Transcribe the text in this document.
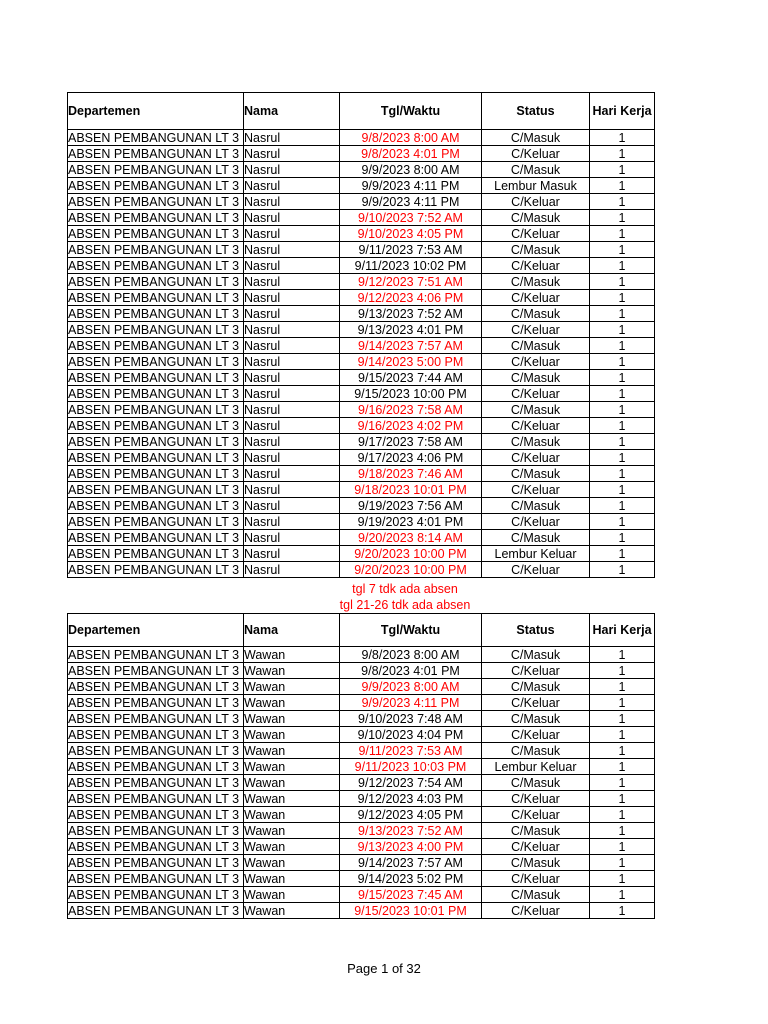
Departemen	Nama	Tgl/Waktu	Status	Hari Kerja
ABSEN PEMBANGUNAN LT 3	Nasrul	9/8/2023 8:00 AM	C/Masuk	1
ABSEN PEMBANGUNAN LT 3	Nasrul	9/8/2023 4:01 PM	C/Keluar	1
ABSEN PEMBANGUNAN LT 3	Nasrul	9/9/2023 8:00 AM	C/Masuk	1
ABSEN PEMBANGUNAN LT 3	Nasrul	9/9/2023 4:11 PM	Lembur Masuk	1
ABSEN PEMBANGUNAN LT 3	Nasrul	9/9/2023 4:11 PM	C/Keluar	1
ABSEN PEMBANGUNAN LT 3	Nasrul	9/10/2023 7:52 AM	C/Masuk	1
ABSEN PEMBANGUNAN LT 3	Nasrul	9/10/2023 4:05 PM	C/Keluar	1
ABSEN PEMBANGUNAN LT 3	Nasrul	9/11/2023 7:53 AM	C/Masuk	1
ABSEN PEMBANGUNAN LT 3	Nasrul	9/11/2023 10:02 PM	C/Keluar	1
ABSEN PEMBANGUNAN LT 3	Nasrul	9/12/2023 7:51 AM	C/Masuk	1
ABSEN PEMBANGUNAN LT 3	Nasrul	9/12/2023 4:06 PM	C/Keluar	1
ABSEN PEMBANGUNAN LT 3	Nasrul	9/13/2023 7:52 AM	C/Masuk	1
ABSEN PEMBANGUNAN LT 3	Nasrul	9/13/2023 4:01 PM	C/Keluar	1
ABSEN PEMBANGUNAN LT 3	Nasrul	9/14/2023 7:57 AM	C/Masuk	1
ABSEN PEMBANGUNAN LT 3	Nasrul	9/14/2023 5:00 PM	C/Keluar	1
ABSEN PEMBANGUNAN LT 3	Nasrul	9/15/2023 7:44 AM	C/Masuk	1
ABSEN PEMBANGUNAN LT 3	Nasrul	9/15/2023 10:00 PM	C/Keluar	1
ABSEN PEMBANGUNAN LT 3	Nasrul	9/16/2023 7:58 AM	C/Masuk	1
ABSEN PEMBANGUNAN LT 3	Nasrul	9/16/2023 4:02 PM	C/Keluar	1
ABSEN PEMBANGUNAN LT 3	Nasrul	9/17/2023 7:58 AM	C/Masuk	1
ABSEN PEMBANGUNAN LT 3	Nasrul	9/17/2023 4:06 PM	C/Keluar	1
ABSEN PEMBANGUNAN LT 3	Nasrul	9/18/2023 7:46 AM	C/Masuk	1
ABSEN PEMBANGUNAN LT 3	Nasrul	9/18/2023 10:01 PM	C/Keluar	1
ABSEN PEMBANGUNAN LT 3	Nasrul	9/19/2023 7:56 AM	C/Masuk	1
ABSEN PEMBANGUNAN LT 3	Nasrul	9/19/2023 4:01 PM	C/Keluar	1
ABSEN PEMBANGUNAN LT 3	Nasrul	9/20/2023 8:14 AM	C/Masuk	1
ABSEN PEMBANGUNAN LT 3	Nasrul	9/20/2023 10:00 PM	Lembur Keluar	1
ABSEN PEMBANGUNAN LT 3	Nasrul	9/20/2023 10:00 PM	C/Keluar	1
tgl 7 tdk ada absen
tgl 21-26 tdk ada absen
Departemen	Nama	Tgl/Waktu	Status	Hari Kerja
ABSEN PEMBANGUNAN LT 3	Wawan	9/8/2023 8:00 AM	C/Masuk	1
ABSEN PEMBANGUNAN LT 3	Wawan	9/8/2023 4:01 PM	C/Keluar	1
ABSEN PEMBANGUNAN LT 3	Wawan	9/9/2023 8:00 AM	C/Masuk	1
ABSEN PEMBANGUNAN LT 3	Wawan	9/9/2023 4:11 PM	C/Keluar	1
ABSEN PEMBANGUNAN LT 3	Wawan	9/10/2023 7:48 AM	C/Masuk	1
ABSEN PEMBANGUNAN LT 3	Wawan	9/10/2023 4:04 PM	C/Keluar	1
ABSEN PEMBANGUNAN LT 3	Wawan	9/11/2023 7:53 AM	C/Masuk	1
ABSEN PEMBANGUNAN LT 3	Wawan	9/11/2023 10:03 PM	Lembur Keluar	1
ABSEN PEMBANGUNAN LT 3	Wawan	9/12/2023 7:54 AM	C/Masuk	1
ABSEN PEMBANGUNAN LT 3	Wawan	9/12/2023 4:03 PM	C/Keluar	1
ABSEN PEMBANGUNAN LT 3	Wawan	9/12/2023 4:05 PM	C/Keluar	1
ABSEN PEMBANGUNAN LT 3	Wawan	9/13/2023 7:52 AM	C/Masuk	1
ABSEN PEMBANGUNAN LT 3	Wawan	9/13/2023 4:00 PM	C/Keluar	1
ABSEN PEMBANGUNAN LT 3	Wawan	9/14/2023 7:57 AM	C/Masuk	1
ABSEN PEMBANGUNAN LT 3	Wawan	9/14/2023 5:02 PM	C/Keluar	1
ABSEN PEMBANGUNAN LT 3	Wawan	9/15/2023 7:45 AM	C/Masuk	1
ABSEN PEMBANGUNAN LT 3	Wawan	9/15/2023 10:01 PM	C/Keluar	1
Page 1 of 32
